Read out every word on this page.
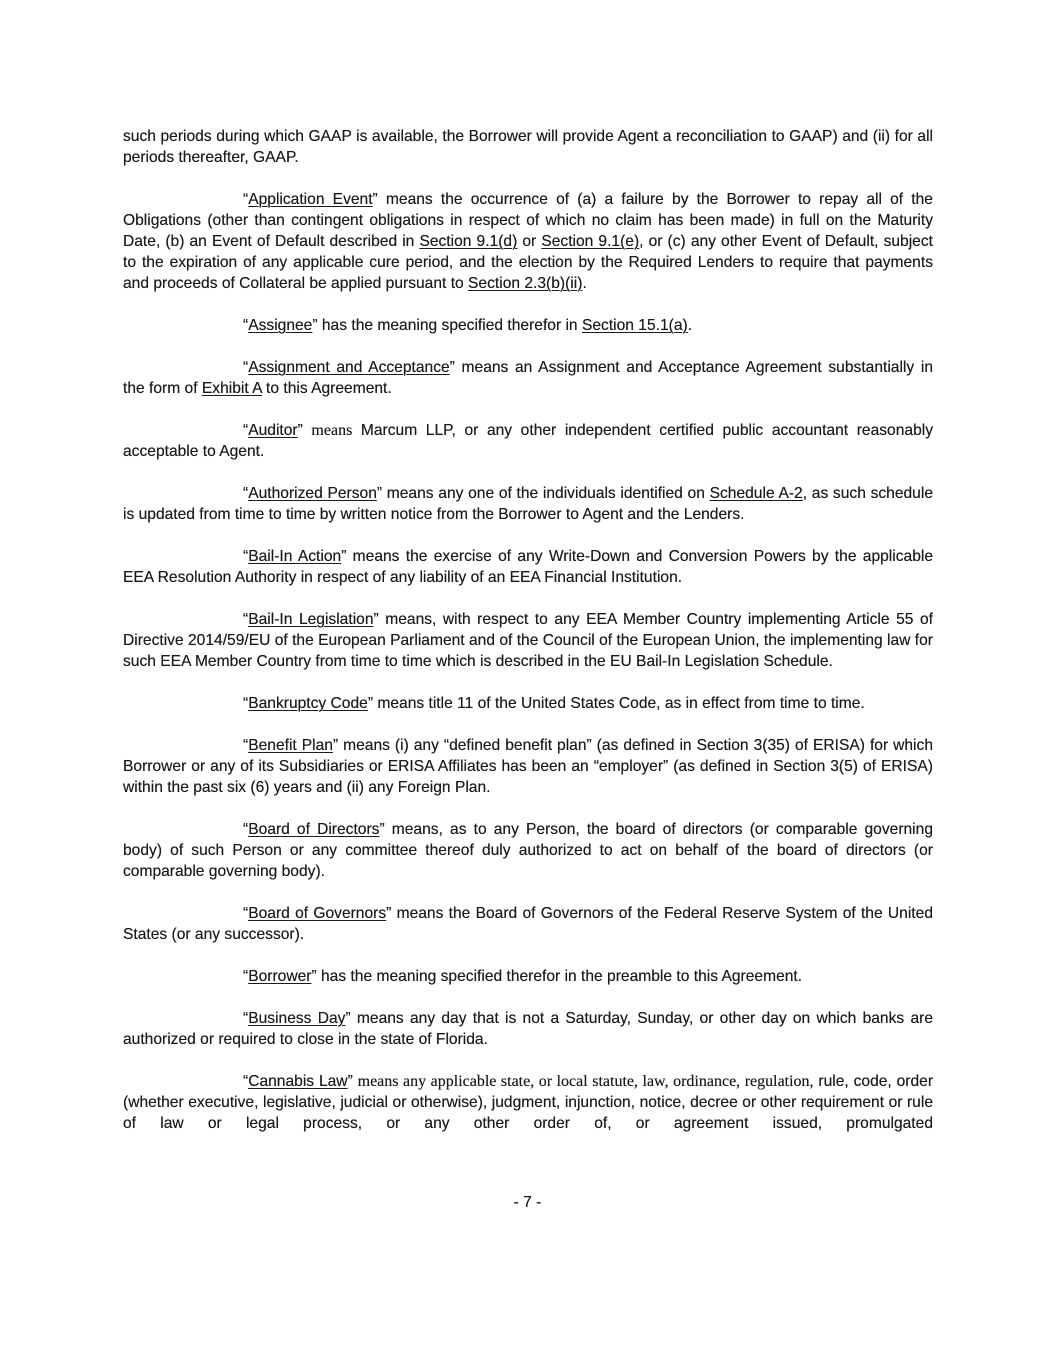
such periods during which GAAP is available, the Borrower will provide Agent a reconciliation to GAAP) and (ii) for all periods thereafter, GAAP.

“Application Event” means the occurrence of (a) a failure by the Borrower to repay all of the Obligations (other than contingent obligations in respect of which no claim has been made) in full on the Maturity Date, (b) an Event of Default described in Section 9.1(d) or Section 9.1(e), or (c) any other Event of Default, subject to the expiration of any applicable cure period, and the election by the Required Lenders to require that payments and proceeds of Collateral be applied pursuant to Section 2.3(b)(ii).

“Assignee” has the meaning specified therefor in Section 15.1(a).

“Assignment and Acceptance” means an Assignment and Acceptance Agreement substantially in the form of Exhibit A to this Agreement.

“Auditor” means Marcum LLP, or any other independent certified public accountant reasonably acceptable to Agent.

“Authorized Person” means any one of the individuals identified on Schedule A-2, as such schedule is updated from time to time by written notice from the Borrower to Agent and the Lenders.

“Bail-In Action” means the exercise of any Write-Down and Conversion Powers by the applicable EEA Resolution Authority in respect of any liability of an EEA Financial Institution.

“Bail-In Legislation” means, with respect to any EEA Member Country implementing Article 55 of Directive 2014/59/EU of the European Parliament and of the Council of the European Union, the implementing law for such EEA Member Country from time to time which is described in the EU Bail-In Legislation Schedule.

“Bankruptcy Code” means title 11 of the United States Code, as in effect from time to time.

“Benefit Plan” means (i) any “defined benefit plan” (as defined in Section 3(35) of ERISA) for which Borrower or any of its Subsidiaries or ERISA Affiliates has been an “employer” (as defined in Section 3(5) of ERISA) within the past six (6) years and (ii) any Foreign Plan.

“Board of Directors” means, as to any Person, the board of directors (or comparable governing body) of such Person or any committee thereof duly authorized to act on behalf of the board of directors (or comparable governing body).

“Board of Governors” means the Board of Governors of the Federal Reserve System of the United States (or any successor).

“Borrower” has the meaning specified therefor in the preamble to this Agreement.

“Business Day” means any day that is not a Saturday, Sunday, or other day on which banks are authorized or required to close in the state of Florida.

“Cannabis Law” means any applicable state, or local statute, law, ordinance, regulation, rule, code, order (whether executive, legislative, judicial or otherwise), judgment, injunction, notice, decree or other requirement or rule of law or legal process, or any other order of, or agreement issued, promulgated

- 7 -
